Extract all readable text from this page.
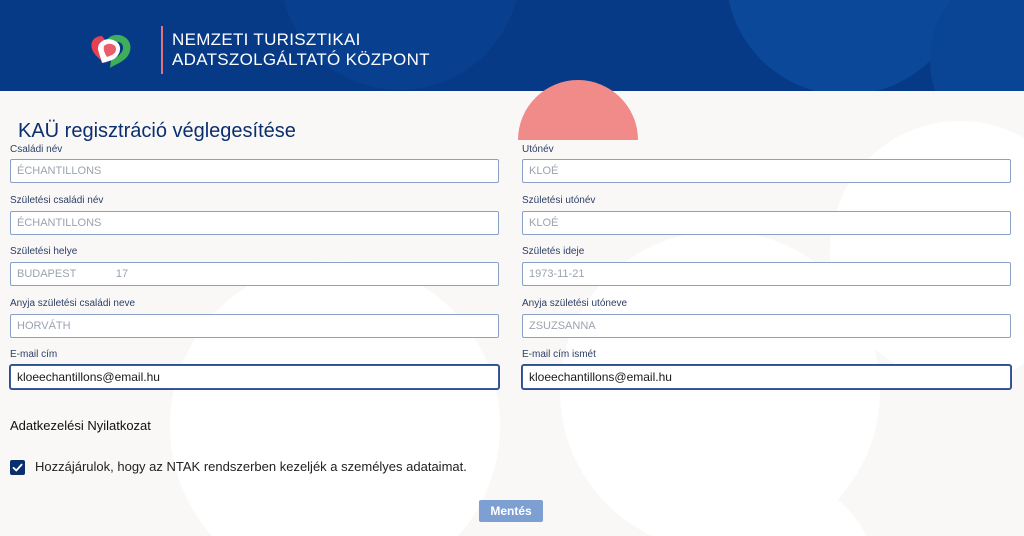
NEMZETI TURISZTIKAI
ADATSZOLGÁLTATÓ KÖZPONT
KAÜ regisztráció véglegesítése
Családi név
ÉCHANTILLONS
Születési családi név
ÉCHANTILLONS
Születési helye
BUDAPEST             17
Anyja születési családi neve
HORVÁTH
E-mail cím
kloeechantillons@email.hu
Utónév
KLOÉ
Születési utónév
KLOÉ
Születés ideje
1973-11-21
Anyja születési utóneve
ZSUZSANNA
E-mail cím ismét
kloeechantillons@email.hu
Adatkezelési Nyilatkozat
Hozzájárulok, hogy az NTAK rendszerben kezeljék a személyes adataimat.
Mentés
